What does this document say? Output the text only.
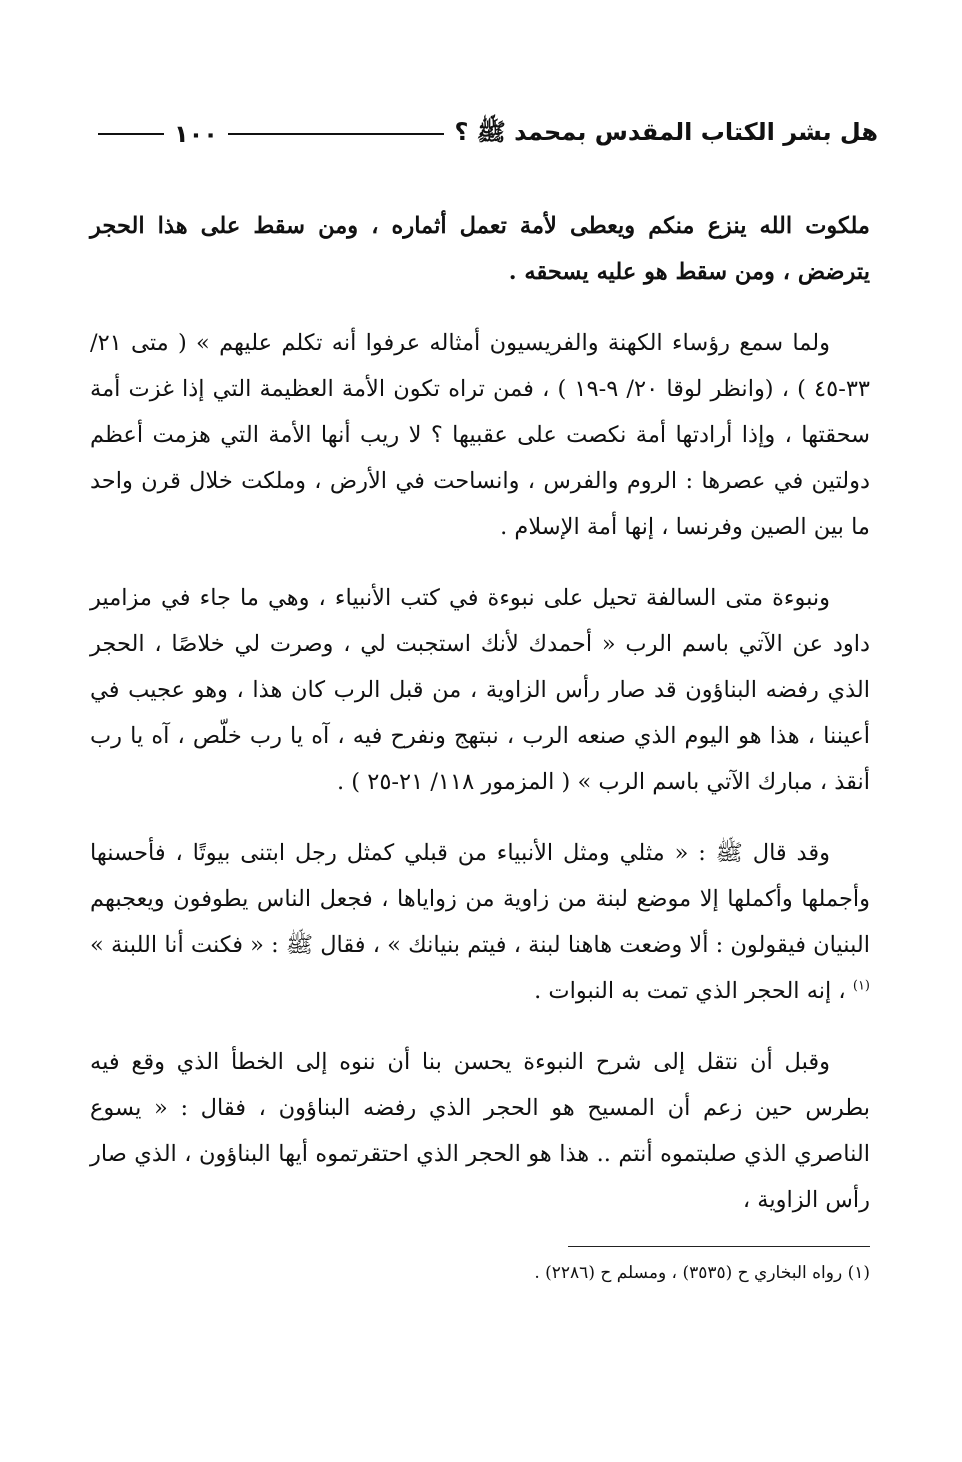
هل بشر الكتاب المقدس بمحمد ﷺ ؟
١٠٠

ملكوت الله ينزع منكم ويعطى لأمة تعمل أثماره ، ومن سقط على هذا الحجر يترضض ، ومن سقط هو عليه يسحقه .

ولما سمع رؤساء الكهنة والفريسيون أمثاله عرفوا أنه تكلم عليهم » ( متى ٢١/ ٣٣-٤٥ ) ، (وانظر لوقا ٢٠/ ٩-١٩ ) ، فمن تراه تكون الأمة العظيمة التي إذا غزت أمة سحقتها ، وإذا أرادتها أمة نكصت على عقبيها ؟ لا ريب أنها الأمة التي هزمت أعظم دولتين في عصرها : الروم والفرس ، وانساحت في الأرض ، وملكت خلال قرن واحد ما بين الصين وفرنسا ، إنها أمة الإسلام .

ونبوءة متى السالفة تحيل على نبوءة في كتب الأنبياء ، وهي ما جاء في مزامير داود عن الآتي باسم الرب « أحمدك لأنك استجبت لي ، وصرت لي خلاصًا ، الحجر الذي رفضه البناؤون قد صار رأس الزاوية ، من قبل الرب كان هذا ، وهو عجيب في أعيننا ، هذا هو اليوم الذي صنعه الرب ، نبتهج ونفرح فيه ، آه يا رب خلّص ، آه يا رب أنقذ ، مبارك الآتي باسم الرب » ( المزمور ١١٨/ ٢١-٢٥ ) .

وقد قال ﷺ : « مثلي ومثل الأنبياء من قبلي كمثل رجل ابتنى بيوتًا ، فأحسنها وأجملها وأكملها إلا موضع لبنة من زاوية من زواياها ، فجعل الناس يطوفون ويعجبهم البنيان فيقولون : ألا وضعت هاهنا لبنة ، فيتم بنيانك » ، فقال ﷺ : « فكنت أنا اللبنة » $^{(١)}$ ، إنه الحجر الذي تمت به النبوات .

وقبل أن نتقل إلى شرح النبوءة يحسن بنا أن ننوه إلى الخطأ الذي وقع فيه بطرس حين زعم أن المسيح هو الحجر الذي رفضه البناؤون ، فقال : « يسوع الناصري الذي صلبتموه أنتم .. هذا هو الحجر الذي احتقرتموه أيها البناؤون ، الذي صار رأس الزاوية ،

(١) رواه البخاري ح (٣٥٣٥) ، ومسلم ح (٢٢٨٦) .
